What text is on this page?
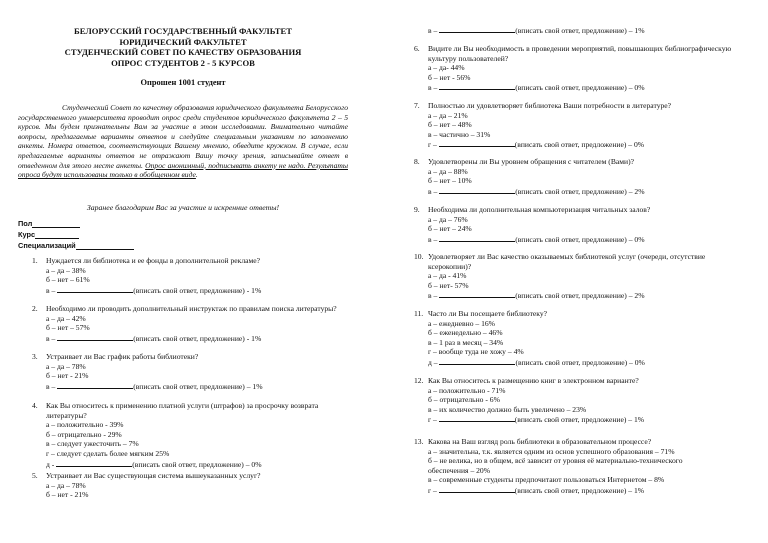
БЕЛОРУССКИЙ ГОСУДАРСТВЕННЫЙ ФАКУЛЬТЕТ
ЮРИДИЧЕСКИЙ ФАКУЛЬТЕТ
СТУДЕНЧЕСКИЙ СОВЕТ ПО КАЧЕСТВУ ОБРАЗОВАНИЯ
ОПРОС СТУДЕНТОВ 2 - 5 КУРСОВ
Опрошен 1001 студент
Студенческий Совет по качеству образования юридического факультета Белорусского государственного университета проводит опрос среди студентов юридического факультета 2 – 5 курсов. Мы будем признательны Вам за участие в этом исследовании. Внимательно читайте вопросы, предлагаемые варианты ответов и следуйте специальным указаниям по заполнению анкеты. Номера ответов, соответствующих Вашему мнению, обведите кружком. В случае, если предлагаемые варианты ответов не отражают Вашу точку зрения, записывайте ответ в отведенном для этого месте анкеты. Опрос анонимный, подписывать анкету не надо. Результаты опроса будут использованы только в обобщенном виде.
Заранее благодарим Вас за участие и искренние ответы!
Пол
Курс
Специализаций
1. Нуждается ли библиотека и ее фонды в дополнительной рекламе?
а – да – 38%
б – нет – 61%
в –	(вписать свой ответ, предложение) - 1%
2. Необходимо ли проводить дополнительный инструктаж по правилам поиска литературы?
а – да – 42%
б – нет – 57%
в –	(вписать свой ответ, предложение) - 1%
3. Устраивает ли Вас график работы библиотеки?
а – да – 78%
б – нет - 21%
в –	(вписать свой ответ, предложение) – 1%
4. Как Вы относитесь к применению платной услуги (штрафов) за просрочку возврата литературы?
а – положительно - 39%
б – отрицательно - 29%
в – следует ужесточить – 7%
г – следует сделать более мягким 25%
д -	(вписать свой ответ, предложение) – 0%
5. Устраивает ли Вас существующая система вышеуказанных услуг?
а – да – 78%
б – нет - 21%
в –	(вписать свой ответ, предложение) – 1%
6. Видите ли Вы необходимость в проведении мероприятий, повышающих библиографическую культуру пользователей?
а – да- 44%
б – нет - 56%
в –	(вписать свой ответ, предложение) – 0%
7. Полностью ли удовлетворяет библиотека Ваши потребности в литературе?
а – да – 21%
б – нет – 48%
в – частично – 31%
г –	(вписать свой ответ, предложение) – 0%
8. Удовлетворены ли Вы уровнем обращения с читателем (Вами)?
а – да – 88%
б – нет – 10%
в –	(вписать свой ответ, предложение) – 2%
9. Необходима ли дополнительная компьютеризация читальных залов?
а – да – 76%
б – нет – 24%
в –	(вписать свой ответ, предложение) – 0%
10. Удовлетворяет ли Вас качество оказываемых библиотекой услуг (очереди, отсутствие ксерокопии)?
а – да - 41%
б – нет- 57%
в –	(вписать свой ответ, предложение) – 2%
11. Часто ли Вы посещаете библиотеку?
а – ежедневно – 16%
б – еженедельно – 46%
в – 1 раз в месяц – 34%
г – вообще туда не хожу – 4%
д –	(вписать свой ответ, предложение) – 0%
12. Как Вы относитесь к размещению книг в электронном варианте?
а – положительно - 71%
б – отрицательно - 6%
в – их количество должно быть увеличено – 23%
г –	(вписать свой ответ, предложение) – 1%
13. Какова на Ваш взгляд роль библиотеки в образовательном процессе?
а – значительна, т.к. является одним из основ успешного образования – 71%
б – не велика, но в общем, всё зависит от уровня её материально-технического
обеспечения – 20%
в – современные студенты предпочитают пользоваться Интернетом – 8%
г –	(вписать свой ответ, предложение) – 1%
